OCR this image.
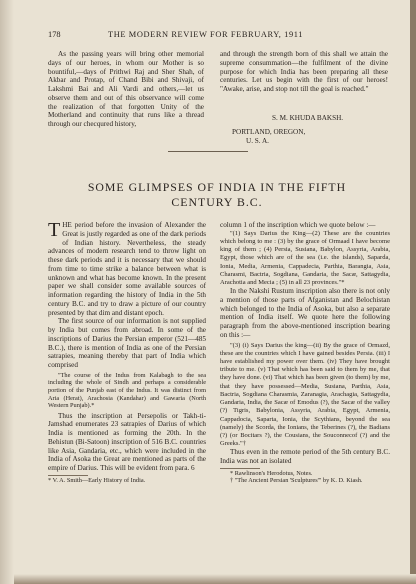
178	THE MODERN REVIEW FOR FEBRUARY, 1911

As the passing years will bring other memorial days of our heroes, in whom our Mother is so bountiful,—days of Prithwi Raj and Sher Shah, of Akbar and Protap, of Chand Bibi and Shivaji, of Lakshmi Bai and Ali Vardi and others,—let us observe them and out of this observance will come the realization of that forgotten Unity of the Motherland and continuity that runs like a thread through our checqured history,

and through the strength born of this shall we attain the supreme consummation—the fulfilment of the divine purpose for which India has been preparing all these centuries. Let us begin with the first of our heroes! "Awake, arise, and stop not till the goal is reached."

S. M. KHUDA BAKSH.
PORTLAND, OREGON,
U. S. A.
SOME GLIMPSES OF INDIA IN THE FIFTH
CENTURY B.C.

THE period before the invasion of Alexander the Great is justly regarded as one of the dark periods of Indian history. Nevertheless, the steady advances of modern research tend to throw light on these dark periods and it is necessary that we should from time to time strike a balance between what is unknown and what has become known. In the present paper we shall consider some available sources of information regarding the history of India in the 5th century B.C. and try to draw a picture of our country presented by that dim and distant epoch.

The first source of our information is not supplied by India but comes from abroad. In some of the inscriptions of Darius the Persian emperor (521—485 B.C.), there is mention of India as one of the Persian satrapies, meaning thereby that part of India which comprised

"The course of the Indus from Kalabagh to the sea including the whole of Sindh and perhaps a considerable portion of the Punjab east of the Indus. It was distinct from Aria (Herat), Arachosia (Kandahar) and Gawaria (North Western Punjab).*

Thus the inscription at Persepolis or Takh-ti-Jamshad enumerates 23 satrapies of Darius of which India is mentioned as forming the 20th. In the Behistun (Bi-Satoon) inscription of 516 B.C. countries like Asia, Gandaria, etc., which were included in the India of Asoka the Great are mentioned as parts of the empire of Darius. This will be evident from para. 6

* V. A. Smith—Early History of India.

column 1 of the inscription which we quote below :—

"(1) Says Darius the King—(2) These are the countries which belong to me : (3) by the grace of Ormaad I have become king of them ; (4) Persia, Susiana, Babylon, Assyria, Arabia, Egypt, those which are of the sea (i.e. the islands), Saparda, Ionia, Media, Armenia, Cappadecia, Parthia, Barangia, Asia, Charasmi, Bactria, Sogdiana, Gandaria, the Sacæ, Sattagydia, Arachotia and Mecia ; (5) in all 23 provinces."*

In the Nakshi Rustum inscription also there is not only a mention of those parts of Afganistan and Belochistan which belonged to the India of Asoka, but also a separate mention of India itself. We quote here the following paragraph from the above-mentioned inscription bearing on this :—

"(3) (i) Says Darius the king—(ii) By the grace of Ormazd, these are the countries which I have gained besides Persia. (iii) I have established my power over them. (iv) They have brought tribute to me. (v) That which has been said to them by me, that they have done. (vi) That which has been given (to them) by me, that they have possessed—Media, Susiana, Parthia, Asia, Bactria, Sogdiana Charasmia, Zaranagia, Arachagia, Sattagydia, Gandaria, India, the Sacæ of Emodus (?), the Sacæ of the valley (?) Tigris, Babylonia, Assyria, Arabia, Egypt, Armenia, Cappadocia, Saparta, Ionia, the Scythians, beyond the sea (namely) the Scorda, the Ionians, the Teberines (?), the Badians (?) (or Bocitars ?), the Cousians, the Souconnecof (?) and the Greeks."†

Thus even in the remote period of the 5th century B.C. India was not an isolated

* Rawlinson's Herodotus, Notes.

† "The Ancient Persian 'Sculptures'" by K. D. Kiash.
